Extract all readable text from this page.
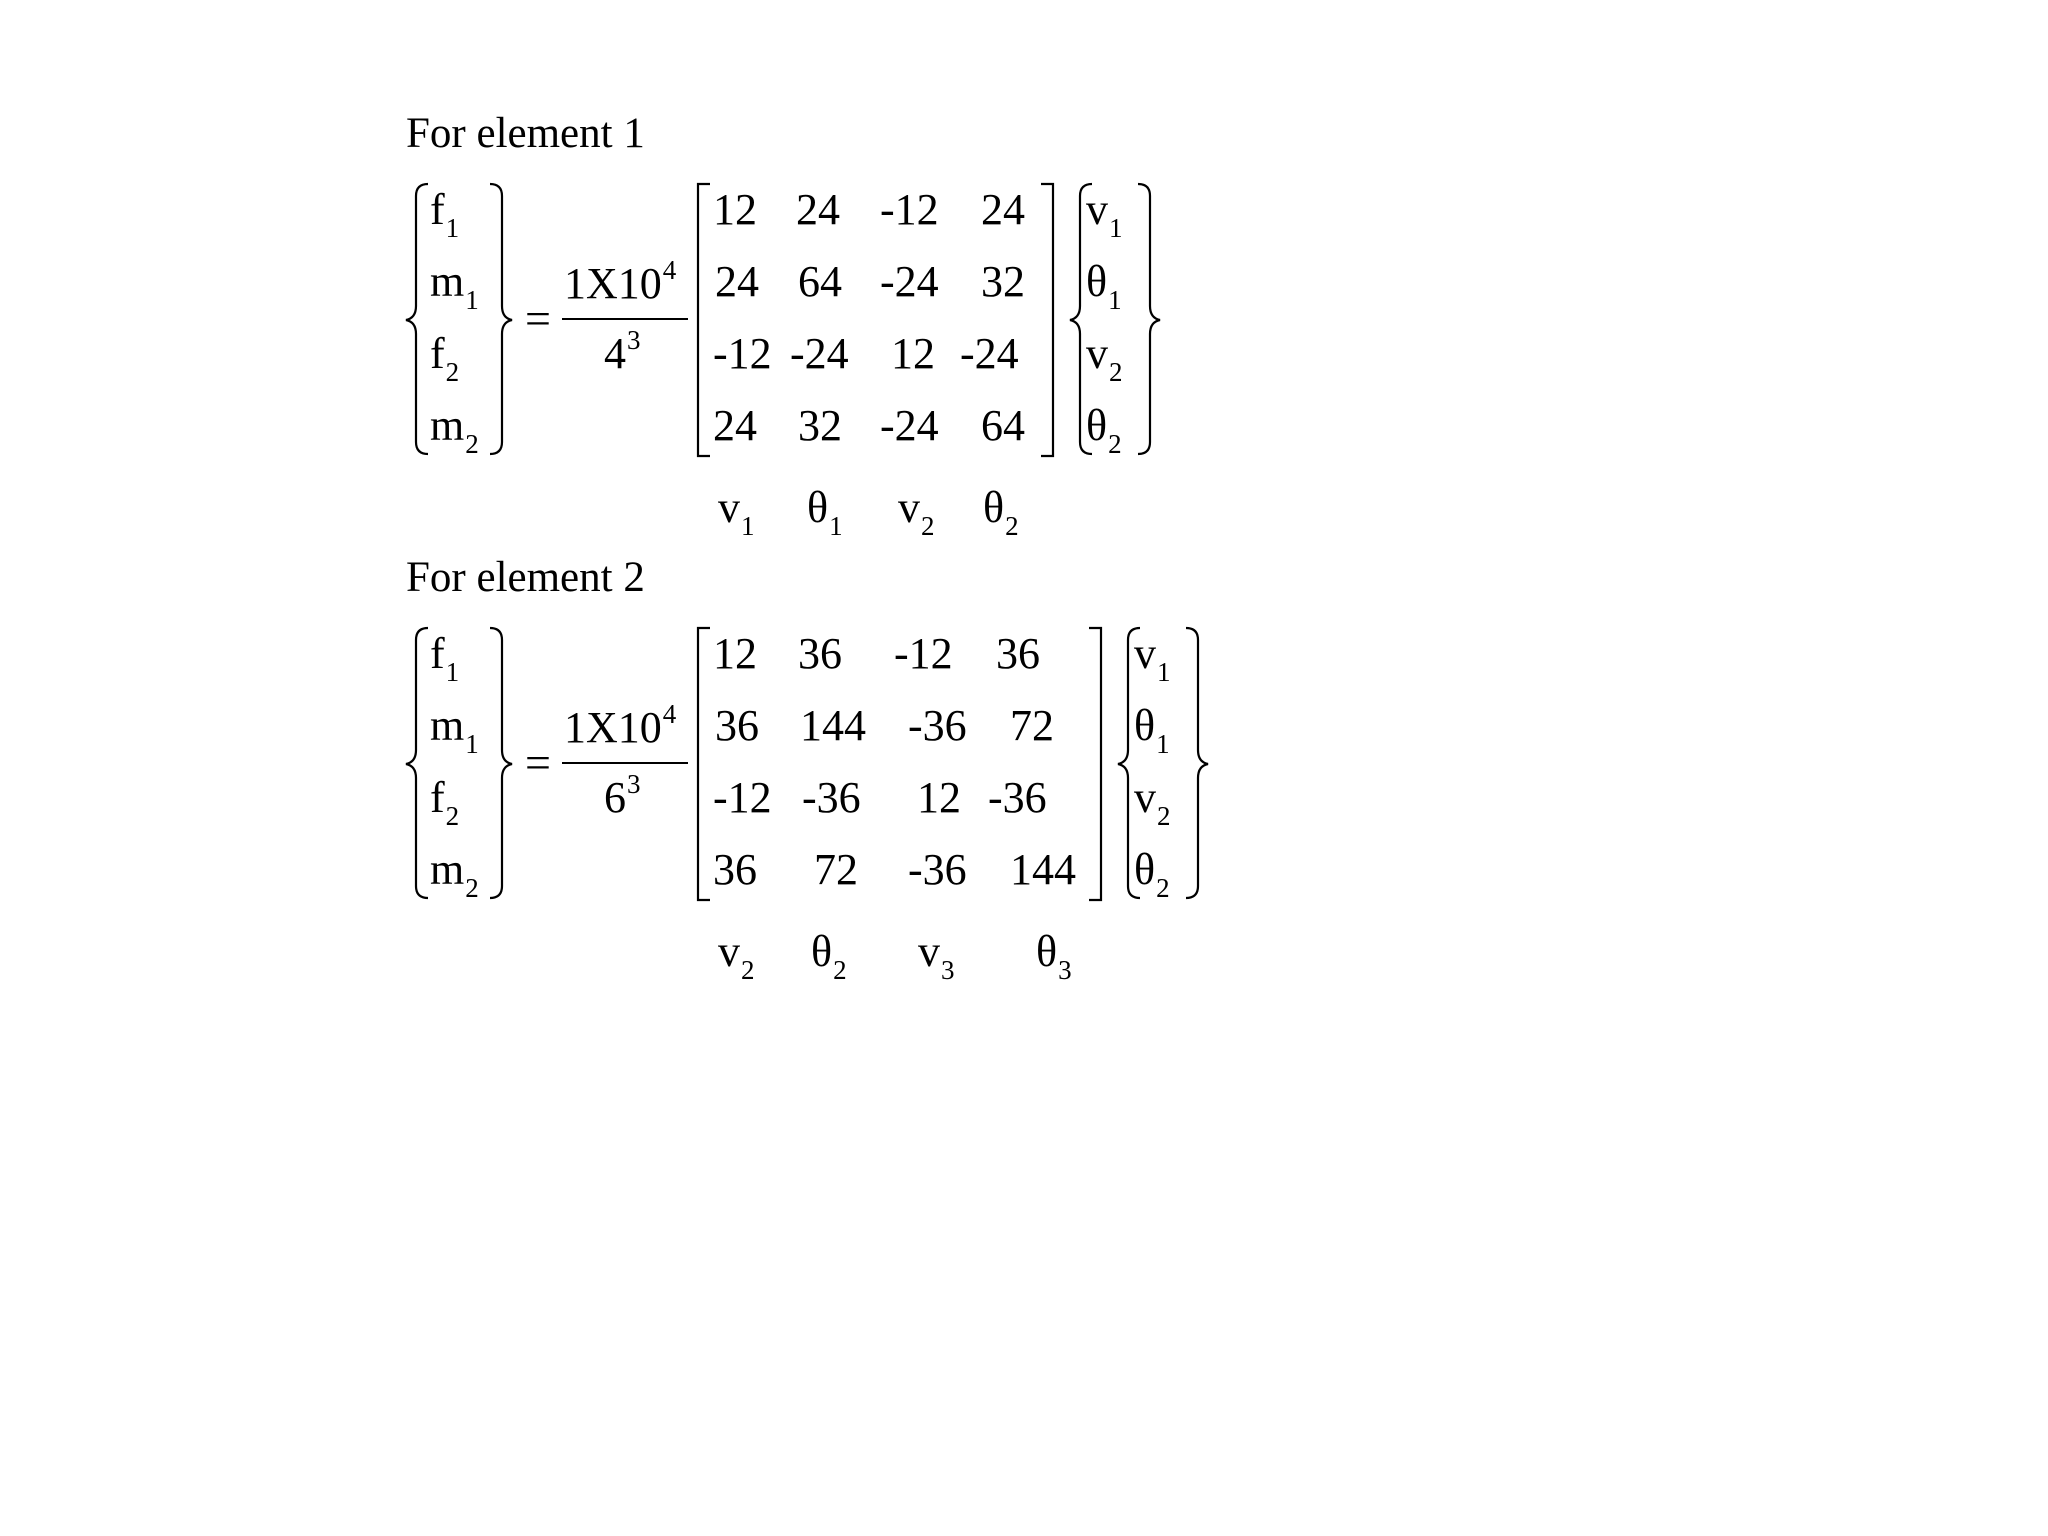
For element 1
$f_1$
$m_1$
$f_2$
$m_2$
=
$1X10^4$
$4^3$
12 24 -12 24
24 64 -24 32
-12 -24 12 -24
24 32 -24 64
$v_1$
$\theta_1$
$v_2$
$\theta_2$
$v_1$ $\theta_1$ $v_2$ $\theta_2$
For element 2
$f_1$
$m_1$
$f_2$
$m_2$
=
$1X10^4$
$6^3$
12 36 -12 36
36 144 -36 72
-12 -36 12 -36
36 72 -36 144
$v_1$
$\theta_1$
$v_2$
$\theta_2$
$v_2$ $\theta_2$ $v_3$ $\theta_3$
